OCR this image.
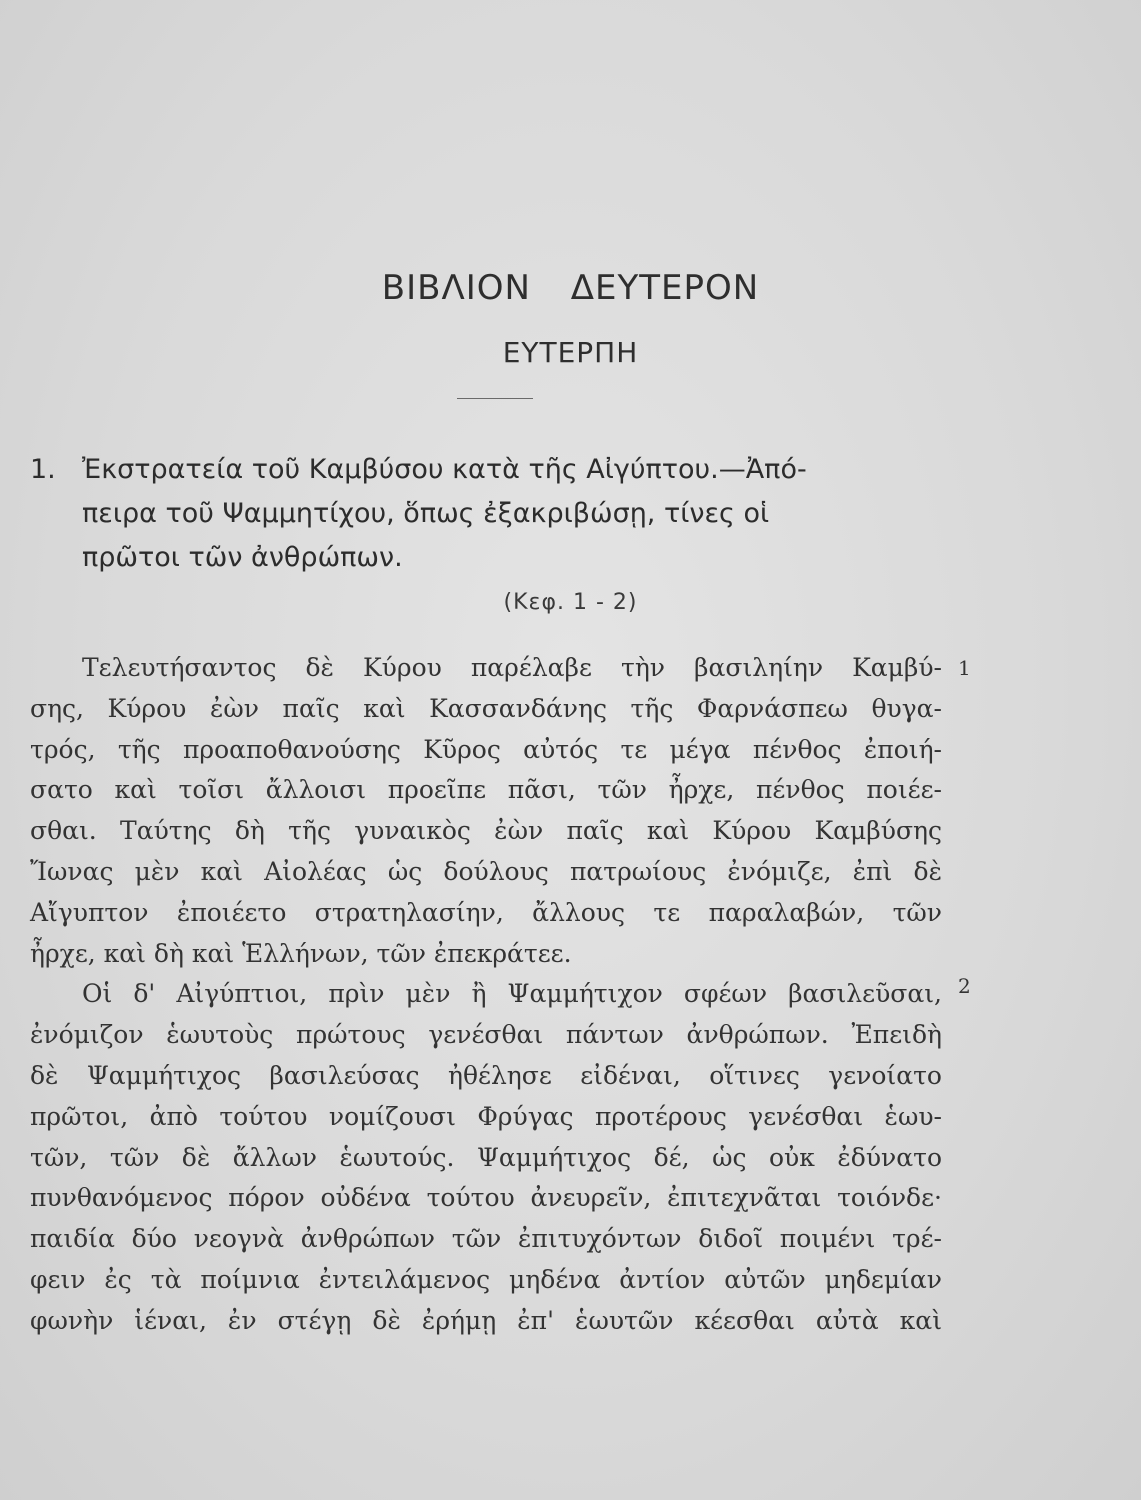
ΒΙΒΛΙΟΝ ΔΕΥΤΕΡΟΝ
ΕΥΤΕΡΠΗ
1. Ἐκστρατεία τοῦ Καμβύσου κατὰ τῆς Αἰγύπτου.—Ἀπό-
πειρα τοῦ Ψαμμητίχου, ὅπως ἐξακριβώσῃ, τίνες οἱ
πρῶτοι τῶν ἀνθρώπων.
(Κεφ. 1 - 2)
Τελευτήσαντος δὲ Κύρου παρέλαβε τὴν βασιληίην Καμβύ-
σης, Κύρου ἐὼν παῖς καὶ Κασσανδάνης τῆς Φαρνάσπεω θυγα-
τρός, τῆς προαποθανούσης Κῦρος αὐτός τε μέγα πένθος ἐποιή-
σατο καὶ τοῖσι ἄλλοισι προεῖπε πᾶσι, τῶν ἦρχε, πένθος ποιέε-
σθαι. Ταύτης δὴ τῆς γυναικὸς ἐὼν παῖς καὶ Κύρου Καμβύσης
Ἴωνας μὲν καὶ Αἰολέας ὡς δούλους πατρωίους ἐνόμιζε, ἐπὶ δὲ
Αἴγυπτον ἐποιέετο στρατηλασίην, ἄλλους τε παραλαβών, τῶν
ἦρχε, καὶ δὴ καὶ Ἑλλήνων, τῶν ἐπεκράτεε.
Οἱ δ' Αἰγύπτιοι, πρὶν μὲν ἢ Ψαμμήτιχον σφέων βασιλεῦσαι,
ἐνόμιζον ἑωυτοὺς πρώτους γενέσθαι πάντων ἀνθρώπων. Ἐπειδὴ
δὲ Ψαμμήτιχος βασιλεύσας ἠθέλησε εἰδέναι, οἵτινες γενοίατο
πρῶτοι, ἀπὸ τούτου νομίζουσι Φρύγας προτέρους γενέσθαι ἑωυ-
τῶν, τῶν δὲ ἄλλων ἑωυτούς. Ψαμμήτιχος δέ, ὡς οὐκ ἐδύνατο
πυνθανόμενος πόρον οὐδένα τούτου ἀνευρεῖν, ἐπιτεχνᾶται τοιόνδε·
παιδία δύο νεογνὰ ἀνθρώπων τῶν ἐπιτυχόντων διδοῖ ποιμένι τρέ-
φειν ἐς τὰ ποίμνια ἐντειλάμενος μηδένα ἀντίον αὐτῶν μηδεμίαν
φωνὴν ἱέναι, ἐν στέγῃ δὲ ἐρήμῃ ἐπ' ἑωυτῶν κέεσθαι αὐτὰ καὶ
1
2
